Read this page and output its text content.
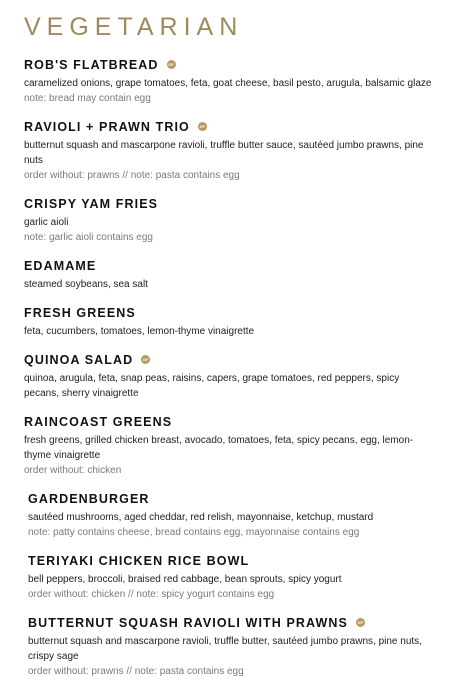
VEGETARIAN
ROB'S FLATBREAD	GF
caramelized onions, grape tomatoes, feta, goat cheese, basil pesto, arugula, balsamic glaze
note: bread may contain egg
RAVIOLI + PRAWN TRIO	GF
butternut squash and mascarpone ravioli, truffle butter sauce, sautéed jumbo prawns, pine nuts
order without: prawns // note: pasta contains egg
CRISPY YAM FRIES
garlic aioli
note: garlic aioli contains egg
EDAMAME
steamed soybeans, sea salt
FRESH GREENS
feta, cucumbers, tomatoes, lemon-thyme vinaigrette
QUINOA SALAD	GF
quinoa, arugula, feta, snap peas, raisins, capers, grape tomatoes, red peppers, spicy pecans, sherry vinaigrette
RAINCOAST GREENS
fresh greens, grilled chicken breast, avocado, tomatoes, feta, spicy pecans, egg, lemon-thyme vinaigrette
order without: chicken
GARDENBURGER
sautéed mushrooms, aged cheddar, red relish, mayonnaise, ketchup, mustard
note: patty contains cheese, bread contains egg, mayonnaise contains egg
TERIYAKI CHICKEN RICE BOWL
bell peppers, broccoli, braised red cabbage, bean sprouts, spicy yogurt
order without: chicken // note: spicy yogurt contains egg
BUTTERNUT SQUASH RAVIOLI WITH PRAWNS	GF
butternut squash and mascarpone ravioli, truffle butter, sautéed jumbo prawns, pine nuts, crispy sage
order without: prawns // note: pasta contains egg
